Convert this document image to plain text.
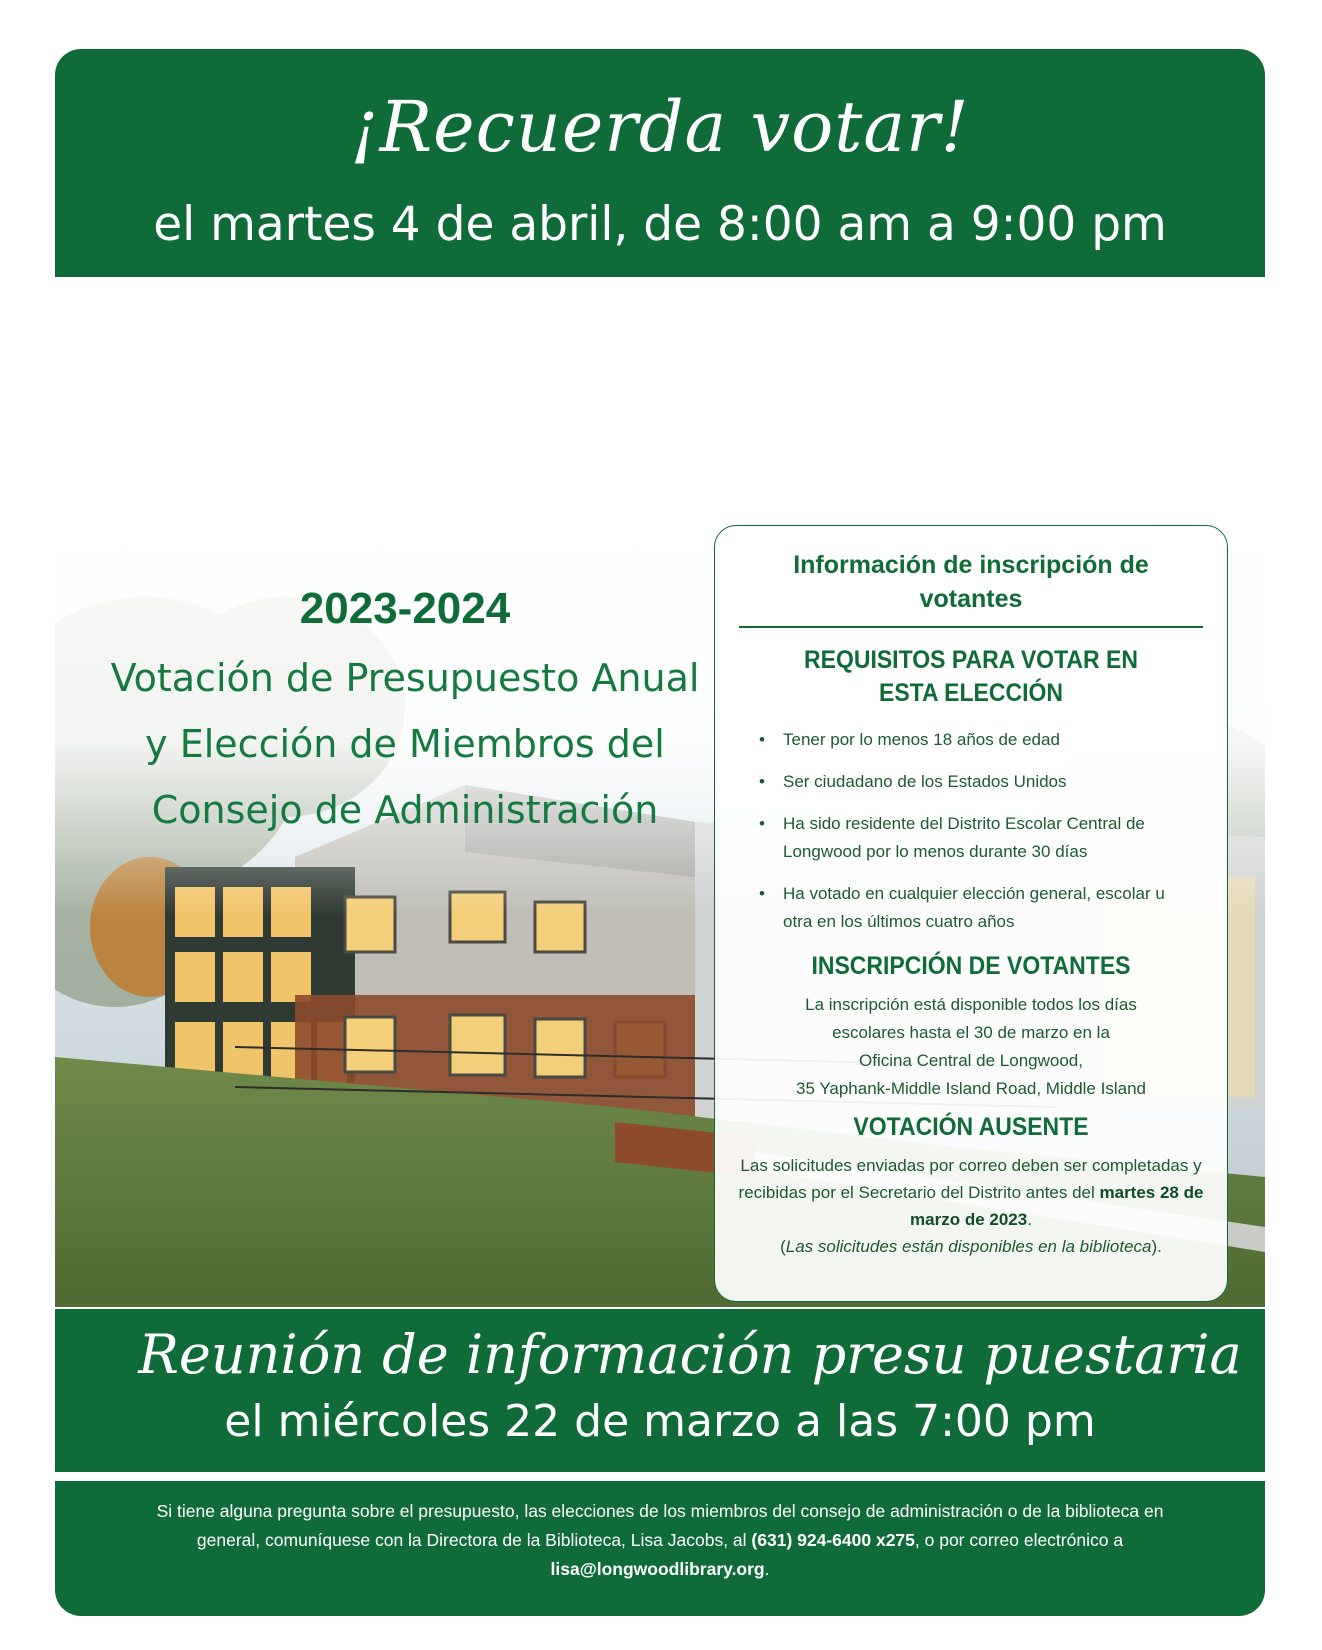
¡Recuerda votar!
el martes 4 de abril, de 8:00 am a 9:00 pm
2023-2024
Votación de Presupuesto Anual y Elección de Miembros del Consejo de Administración
Información de inscripción de votantes
REQUISITOS PARA VOTAR EN ESTA ELECCIÓN
• Tener por lo menos 18 años de edad
• Ser ciudadano de los Estados Unidos
• Ha sido residente del Distrito Escolar Central de Longwood por lo menos durante 30 días
• Ha votado en cualquier elección general, escolar u otra en los últimos cuatro años
INSCRIPCIÓN DE VOTANTES
La inscripción está disponible todos los días
escolares hasta el 30 de marzo en la
Oficina Central de Longwood,
35 Yaphank-Middle Island Road, Middle Island
VOTACIÓN AUSENTE
Las solicitudes enviadas por correo deben ser completadas y recibidas por el Secretario del Distrito antes del martes 28 de marzo de 2023.
(Las solicitudes están disponibles en la biblioteca).
Reunión de información presu puestaria
el miércoles 22 de marzo a las 7:00 pm
Si tiene alguna pregunta sobre el presupuesto, las elecciones de los miembros del consejo de administración o de la biblioteca en general, comuníquese con la Directora de la Biblioteca, Lisa Jacobs, al (631) 924-6400 x275, o por correo electrónico a lisa@longwoodlibrary.org.
